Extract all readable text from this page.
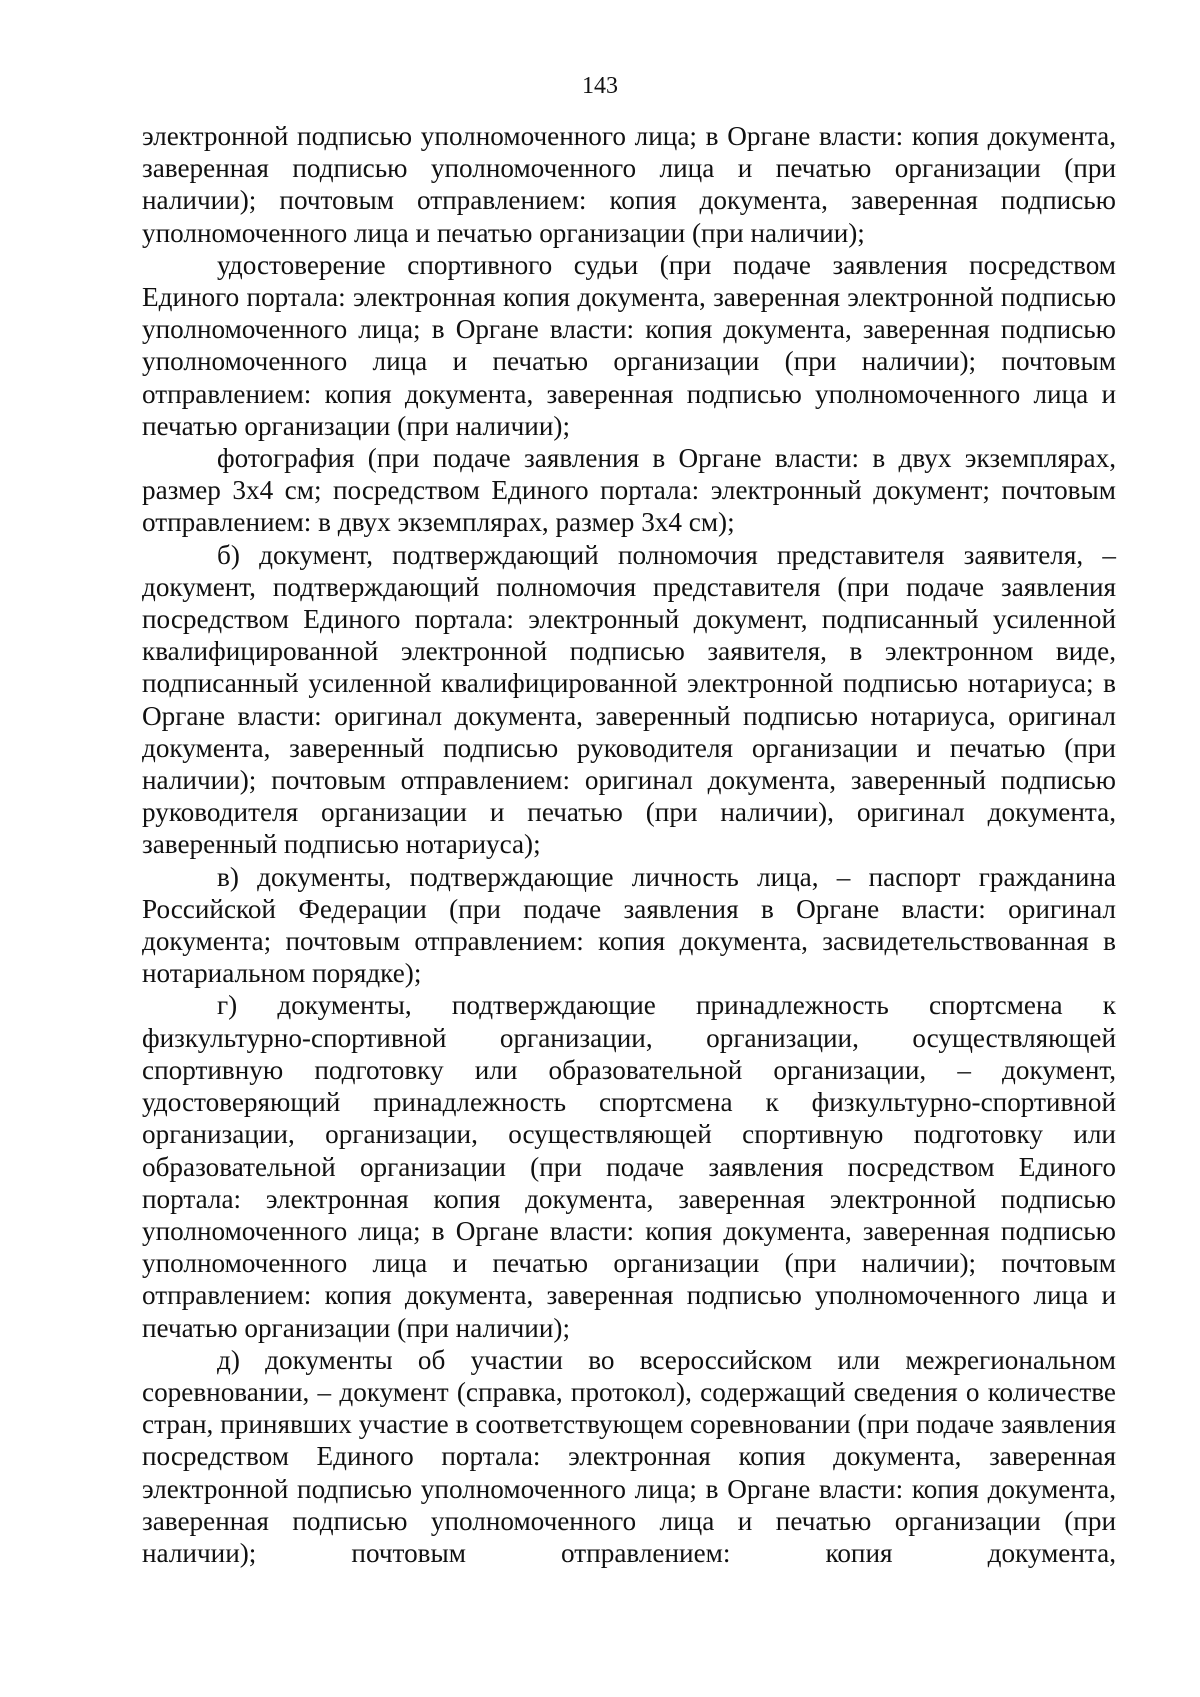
143

электронной подписью уполномоченного лица; в Органе власти: копия документа, заверенная подписью уполномоченного лица и печатью организации (при наличии); почтовым отправлением: копия документа, заверенная подписью уполномоченного лица и печатью организации (при наличии);

удостоверение спортивного судьи (при подаче заявления посредством Единого портала: электронная копия документа, заверенная электронной подписью уполномоченного лица; в Органе власти: копия документа, заверенная подписью уполномоченного лица и печатью организации (при наличии); почтовым отправлением: копия документа, заверенная подписью уполномоченного лица и печатью организации (при наличии);

фотография (при подаче заявления в Органе власти: в двух экземплярах, размер 3х4 см; посредством Единого портала: электронный документ; почтовым отправлением: в двух экземплярах, размер 3х4 см);

б) документ, подтверждающий полномочия представителя заявителя, – документ, подтверждающий полномочия представителя (при подаче заявления посредством Единого портала: электронный документ, подписанный усиленной квалифицированной электронной подписью заявителя, в электронном виде, подписанный усиленной квалифицированной электронной подписью нотариуса; в Органе власти: оригинал документа, заверенный подписью нотариуса, оригинал документа, заверенный подписью руководителя организации и печатью (при наличии); почтовым отправлением: оригинал документа, заверенный подписью руководителя организации и печатью (при наличии), оригинал документа, заверенный подписью нотариуса);

в) документы, подтверждающие личность лица, – паспорт гражданина Российской Федерации (при подаче заявления в Органе власти: оригинал документа; почтовым отправлением: копия документа, засвидетельствованная в нотариальном порядке);

г) документы, подтверждающие принадлежность спортсмена к физкультурно-спортивной организации, организации, осуществляющей спортивную подготовку или образовательной организации, – документ, удостоверяющий принадлежность спортсмена к физкультурно-спортивной организации, организации, осуществляющей спортивную подготовку или образовательной организации (при подаче заявления посредством Единого портала: электронная копия документа, заверенная электронной подписью уполномоченного лица; в Органе власти: копия документа, заверенная подписью уполномоченного лица и печатью организации (при наличии); почтовым отправлением: копия документа, заверенная подписью уполномоченного лица и печатью организации (при наличии);

д) документы об участии во всероссийском или межрегиональном соревновании, – документ (справка, протокол), содержащий сведения о количестве стран, принявших участие в соответствующем соревновании (при подаче заявления посредством Единого портала: электронная копия документа, заверенная электронной подписью уполномоченного лица; в Органе власти: копия документа, заверенная подписью уполномоченного лица и печатью организации (при наличии); почтовым отправлением: копия документа,
